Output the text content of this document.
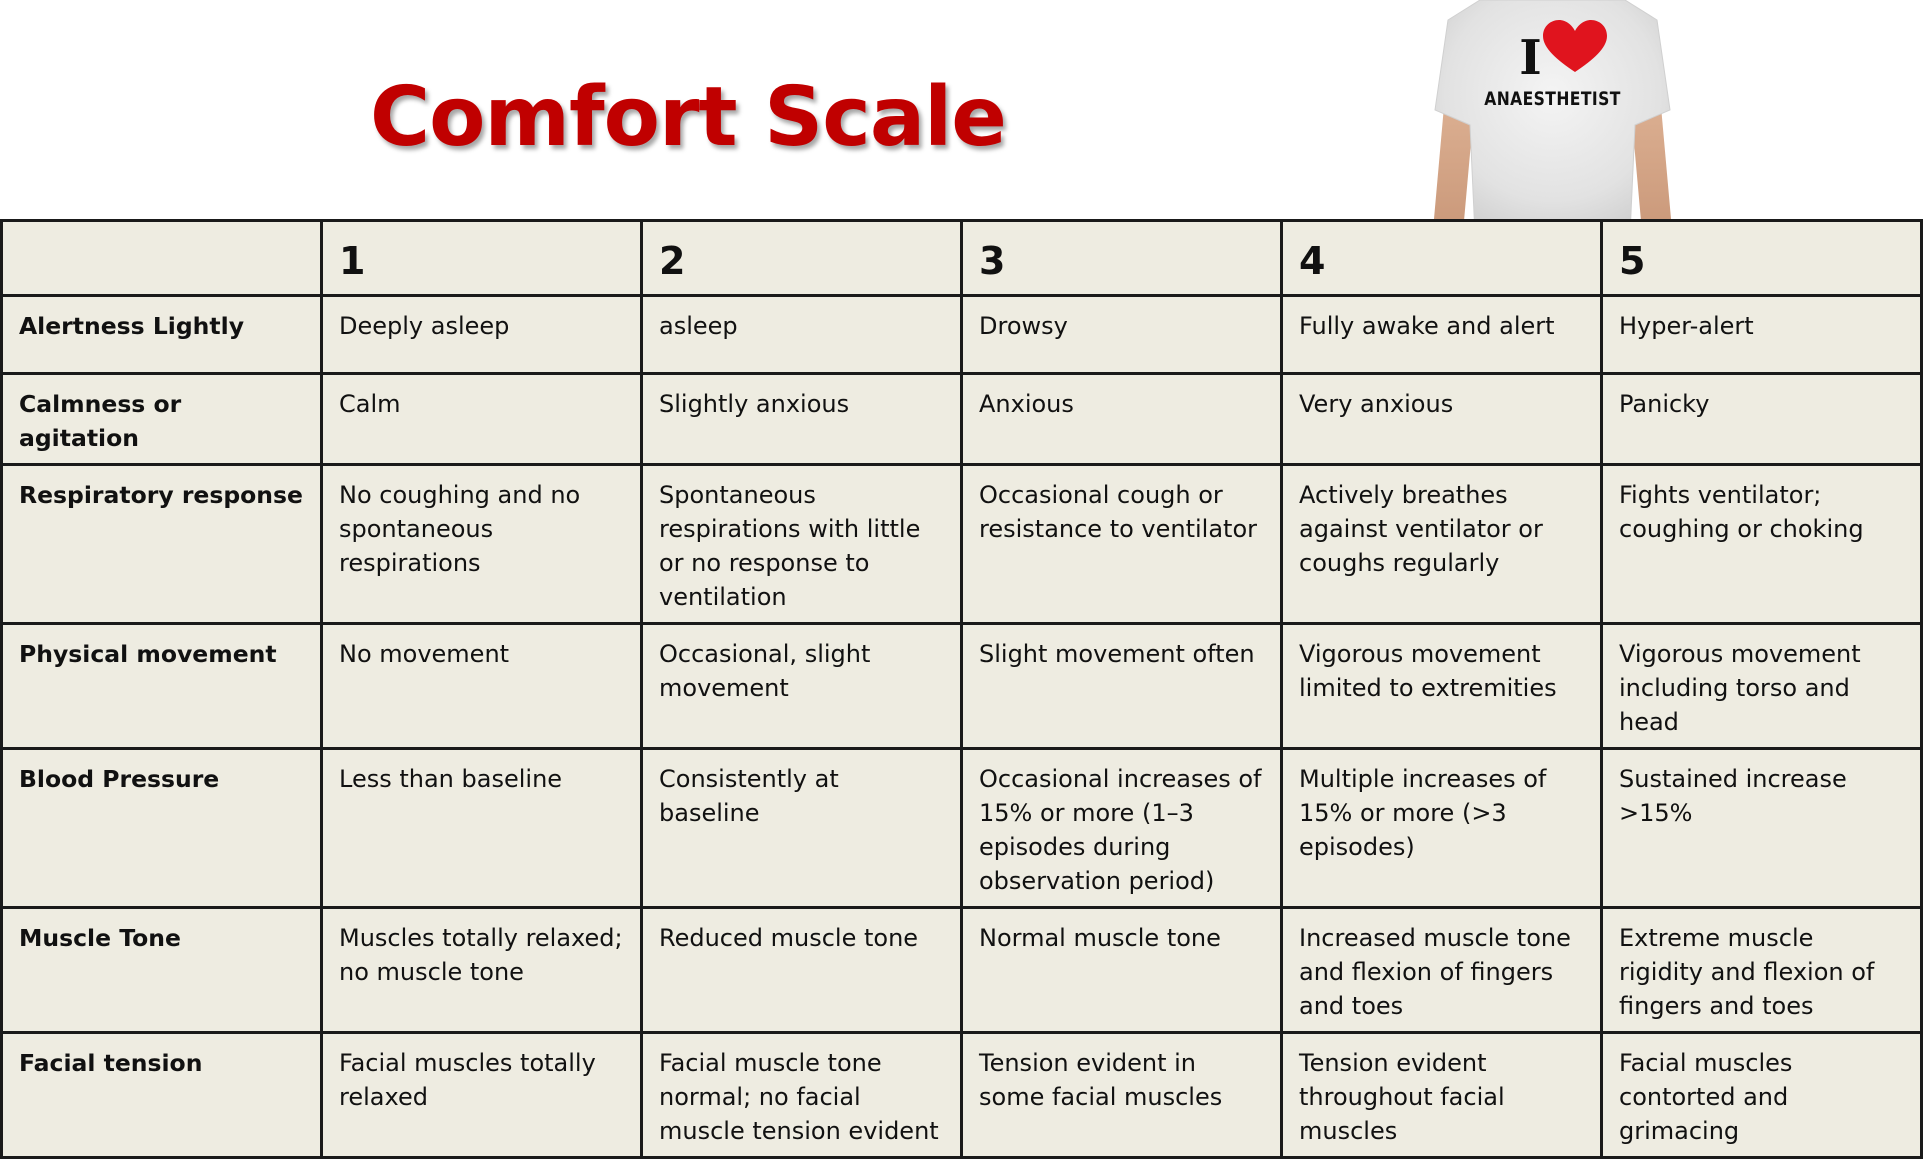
Comfort Scale
I
ANAESTHETIST
	1	2	3	4	5
Alertness Lightly	Deeply asleep	asleep	Drowsy	Fully awake and alert	Hyper-alert
Calmness or agitation	Calm	Slightly anxious	Anxious	Very anxious	Panicky
Respiratory response	No coughing and no spontaneous respirations	Spontaneous respirations with little or no response to ventilation	Occasional cough or resistance to ventilator	Actively breathes against ventilator or coughs regularly	Fights ventilator; coughing or choking
Physical movement	No movement	Occasional, slight movement	Slight movement often	Vigorous movement limited to extremities	Vigorous movement including torso and head
Blood Pressure	Less than baseline	Consistently at baseline	Occasional increases of 15% or more (1–3 episodes during observation period)	Multiple increases of 15% or more (>3 episodes)	Sustained increase >15%
Muscle Tone	Muscles totally relaxed; no muscle tone	Reduced muscle tone	Normal muscle tone	Increased muscle tone and flexion of fingers and toes	Extreme muscle rigidity and flexion of fingers and toes
Facial tension	Facial muscles totally relaxed	Facial muscle tone normal; no facial muscle tension evident	Tension evident in some facial muscles	Tension evident throughout facial muscles	Facial muscles contorted and grimacing
